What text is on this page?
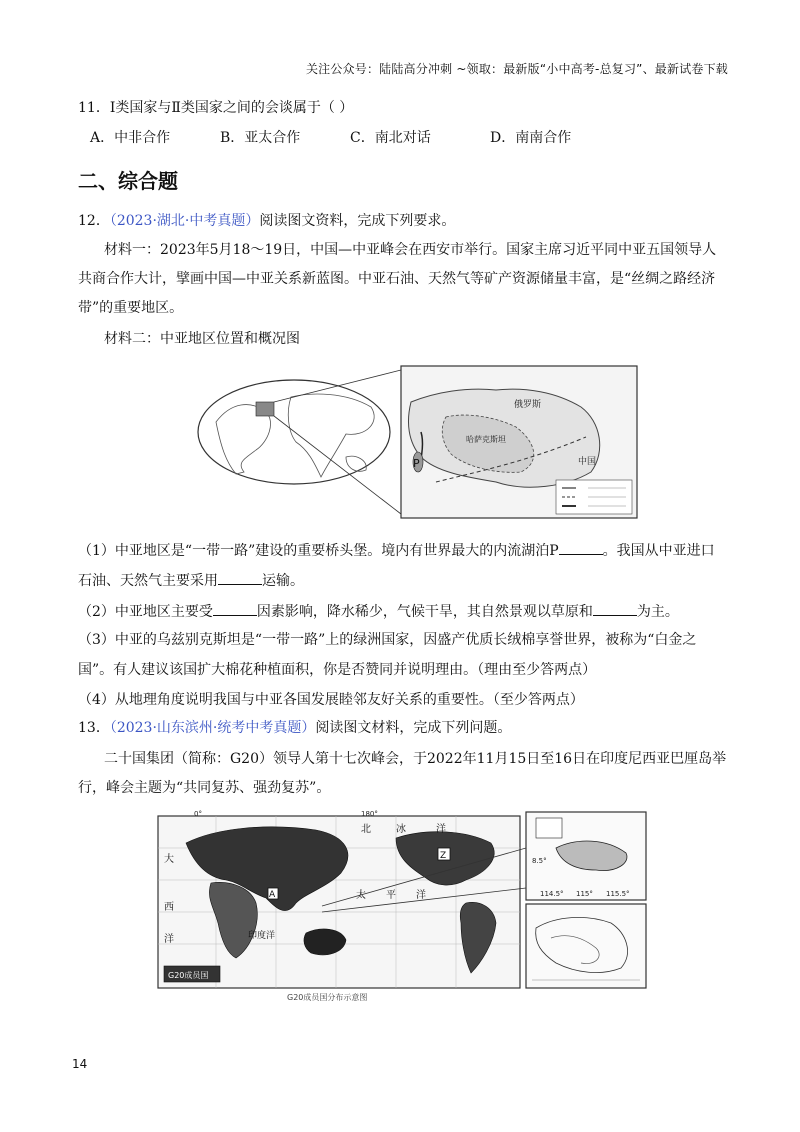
关注公众号：陆陆高分冲刺 ~领取：最新版“小中高考-总复习”、最新试卷下载
11．I类国家与Ⅱ类国家之间的会谈属于（ ）
A．中非合作	B．亚太合作	C．南北对话	D．南南合作
二、综合题
12．（2023·湖北·中考真题）阅读图文资料，完成下列要求。
材料一：2023年5月18～19日，中国—中亚峰会在西安市举行。国家主席习近平同中亚五国领导人
共商合作大计，擘画中国—中亚关系新蓝图。中亚石油、天然气等矿产资源储量丰富，是“丝绸之路经济
带”的重要地区。
材料二：中亚地区位置和概况图
P
俄罗斯
中国
哈萨克斯坦
（1）中亚地区是“一带一路”建设的重要桥头堡。境内有世界最大的内流湖泊P	。我国从中亚进口
石油、天然气主要采用	运输。
（2）中亚地区主要受	因素影响，降水稀少，气候干旱，其自然景观以草原和	为主。
（3）中亚的乌兹别克斯坦是“一带一路”上的绿洲国家，因盛产优质长绒棉享誉世界，被称为“白金之
国”。有人建议该国扩大棉花种植面积，你是否赞同并说明理由。（理由至少答两点）
（4）从地理角度说明我国与中亚各国发展睦邻友好关系的重要性。（至少答两点）
13．（2023·山东滨州·统考中考真题）阅读图文材料，完成下列问题。
二十国集团（简称：G20）领导人第十七次峰会，于2022年11月15日至16日在印度尼西亚巴厘岛举
行，峰会主题为“共同复苏、强劲复苏”。
0°	180°
Z
A
北	冰	洋
大
西
洋
太 平 洋
印度洋
G20成员国
8.5°
114.5° 115° 115.5°
G20成员国分布示意图
14
